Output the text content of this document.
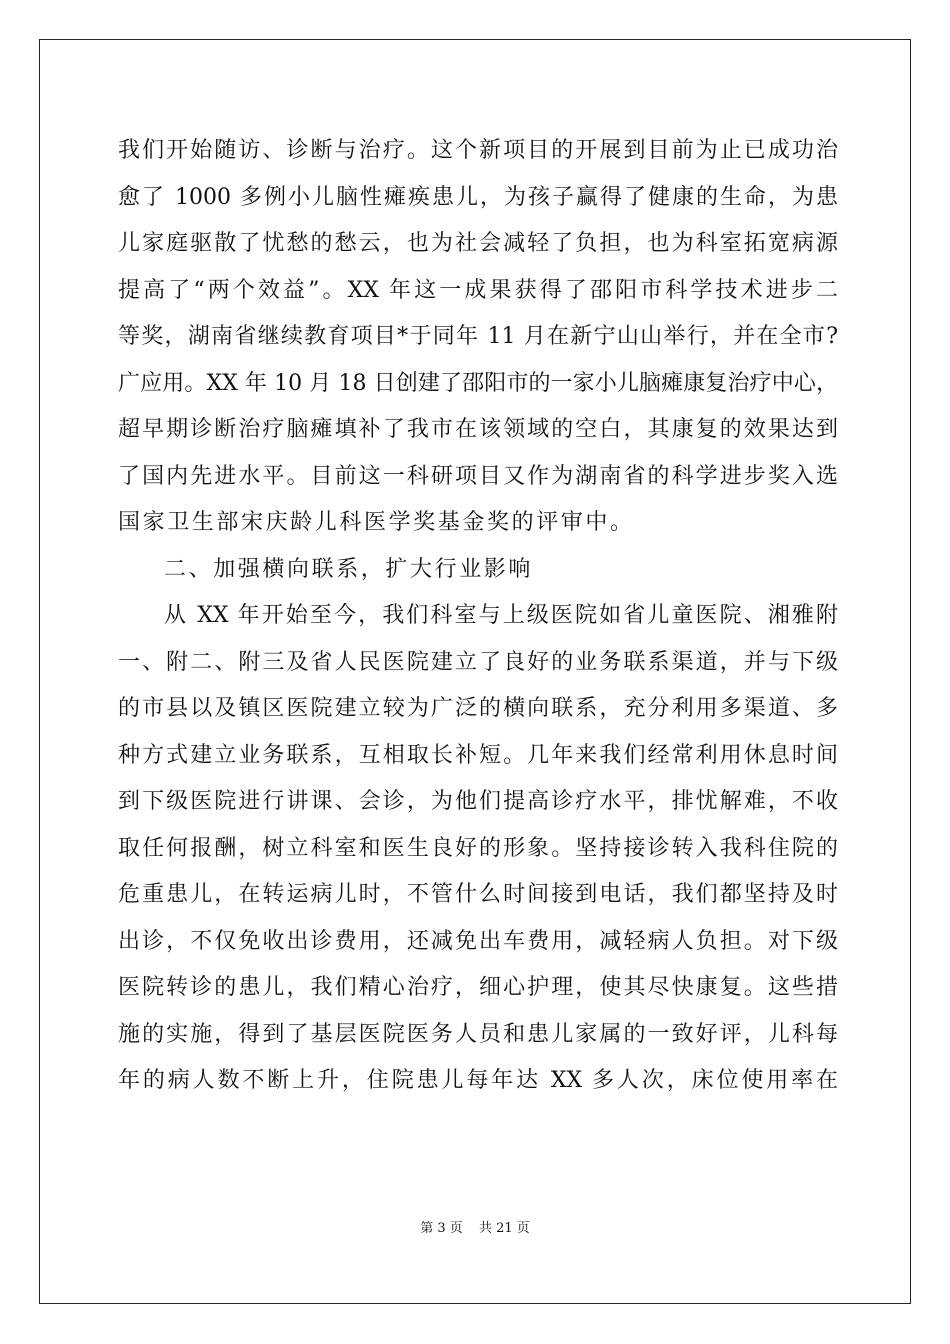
我们开始随访、诊断与治疗。这个新项目的开展到目前为止已成功治
愈了 1000 多例小儿脑性瘫痪患儿，为孩子赢得了健康的生命，为患
儿家庭驱散了忧愁的愁云，也为社会减轻了负担，也为科室拓宽病源
提高了“两个效益”。XX 年这一成果获得了邵阳市科学技术进步二
等奖，湖南省继续教育项目*于同年 11 月在新宁山山举行，并在全市?
广应用。XX 年 10 月 18 日创建了邵阳市的一家小儿脑瘫康复治疗中心，
超早期诊断治疗脑瘫填补了我市在该领域的空白，其康复的效果达到
了国内先进水平。目前这一科研项目又作为湖南省的科学进步奖入选
国家卫生部宋庆龄儿科医学奖基金奖的评审中。
二、加强横向联系，扩大行业影响
从 XX 年开始至今，我们科室与上级医院如省儿童医院、湘雅附
一、附二、附三及省人民医院建立了良好的业务联系渠道，并与下级
的市县以及镇区医院建立较为广泛的横向联系，充分利用多渠道、多
种方式建立业务联系，互相取长补短。几年来我们经常利用休息时间
到下级医院进行讲课、会诊，为他们提高诊疗水平，排忧解难，不收
取任何报酬，树立科室和医生良好的形象。坚持接诊转入我科住院的
危重患儿，在转运病儿时，不管什么时间接到电话，我们都坚持及时
出诊，不仅免收出诊费用，还减免出车费用，减轻病人负担。对下级
医院转诊的患儿，我们精心治疗，细心护理，使其尽快康复。这些措
施的实施，得到了基层医院医务人员和患儿家属的一致好评，儿科每
年的病人数不断上升，住院患儿每年达 XX 多人次，床位使用率在
第 3 页 共 21 页
